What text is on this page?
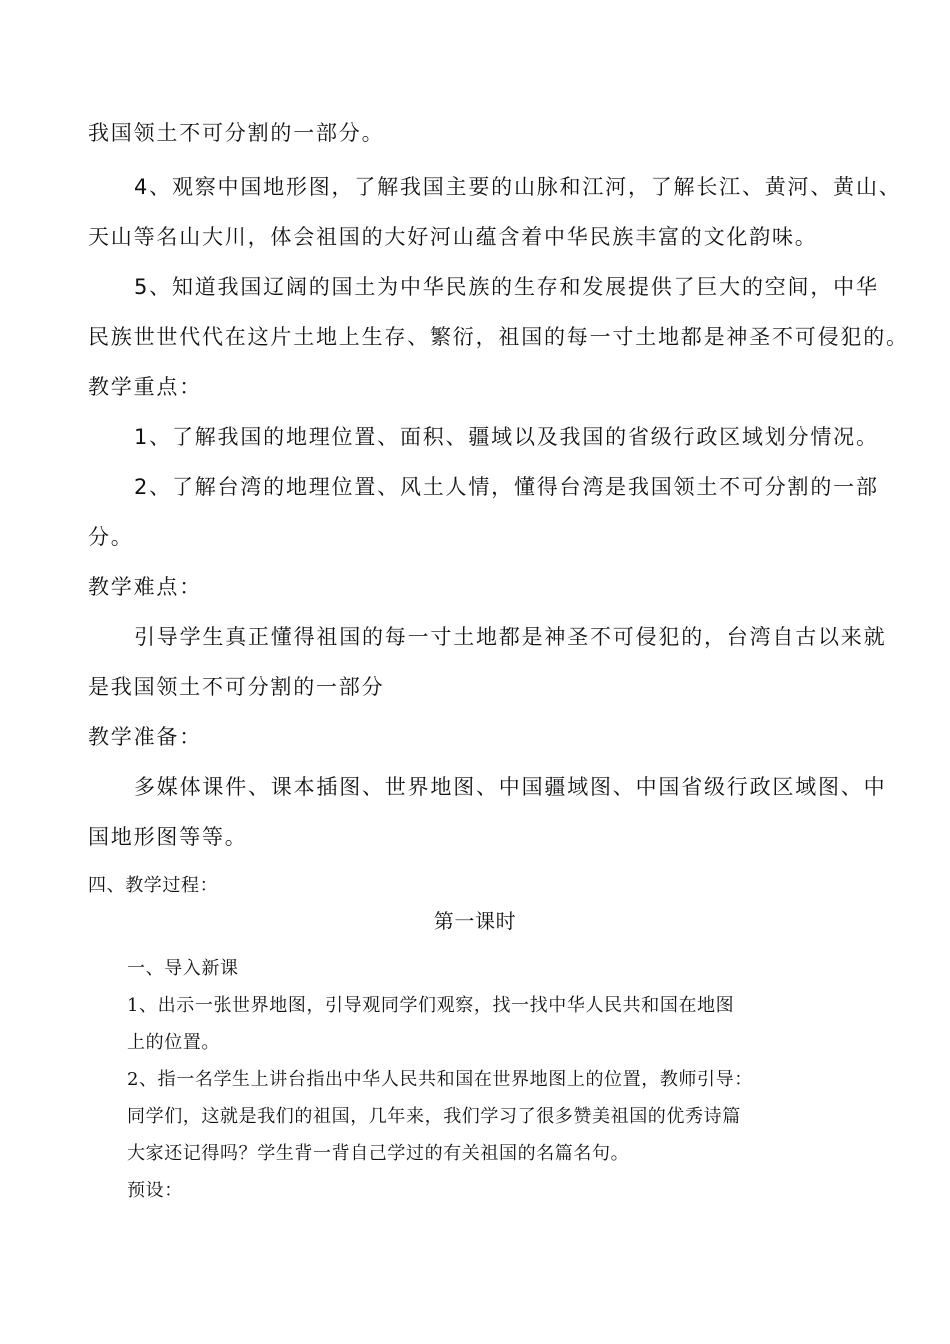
我国领土不可分割的一部分。
4、观察中国地形图，了解我国主要的山脉和江河，了解长江、黄河、黄山、
天山等名山大川，体会祖国的大好河山蕴含着中华民族丰富的文化韵味。
5、知道我国辽阔的国土为中华民族的生存和发展提供了巨大的空间，中华
民族世世代代在这片土地上生存、繁衍，祖国的每一寸土地都是神圣不可侵犯的。
教学重点：
1、了解我国的地理位置、面积、疆域以及我国的省级行政区域划分情况。
2、了解台湾的地理位置、风土人情，懂得台湾是我国领土不可分割的一部
分。
教学难点：
引导学生真正懂得祖国的每一寸土地都是神圣不可侵犯的，台湾自古以来就
是我国领土不可分割的一部分
教学准备：
多媒体课件、课本插图、世界地图、中国疆域图、中国省级行政区域图、中
国地形图等等。
四、教学过程：
第一课时
一、导入新课
1、出示一张世界地图，引导观同学们观察，找一找中华人民共和国在地图
上的位置。
2、指一名学生上讲台指出中华人民共和国在世界地图上的位置，教师引导：
同学们，这就是我们的祖国，几年来，我们学习了很多赞美祖国的优秀诗篇
大家还记得吗？学生背一背自己学过的有关祖国的名篇名句。
预设：
